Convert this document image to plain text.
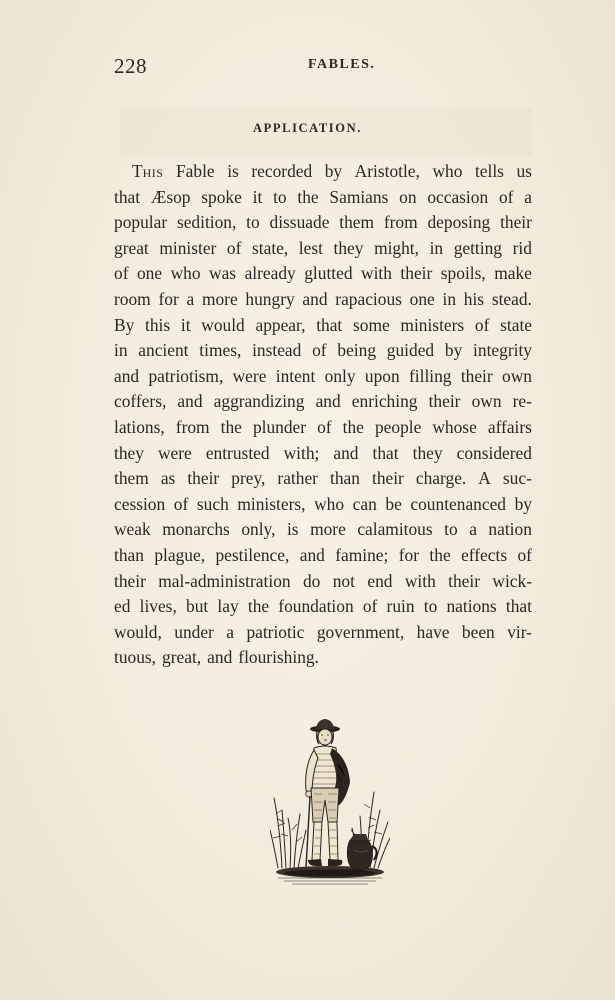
228	FABLES.
APPLICATION.
This Fable is recorded by Aristotle, who tells us
that Æsop spoke it to the Samians on occasion of a
popular sedition, to dissuade them from deposing their
great minister of state, lest they might, in getting rid
of one who was already glutted with their spoils, make
room for a more hungry and rapacious one in his stead.
By this it would appear, that some ministers of state
in ancient times, instead of being guided by integrity
and patriotism, were intent only upon filling their own
coffers, and aggrandizing and enriching their own re-
lations, from the plunder of the people whose affairs
they were entrusted with; and that they considered
them as their prey, rather than their charge. A suc-
cession of such ministers, who can be countenanced by
weak monarchs only, is more calamitous to a nation
than plague, pestilence, and famine; for the effects of
their mal-administration do not end with their wick-
ed lives, but lay the foundation of ruin to nations that
would, under a patriotic government, have been vir-
tuous, great, and flourishing.
